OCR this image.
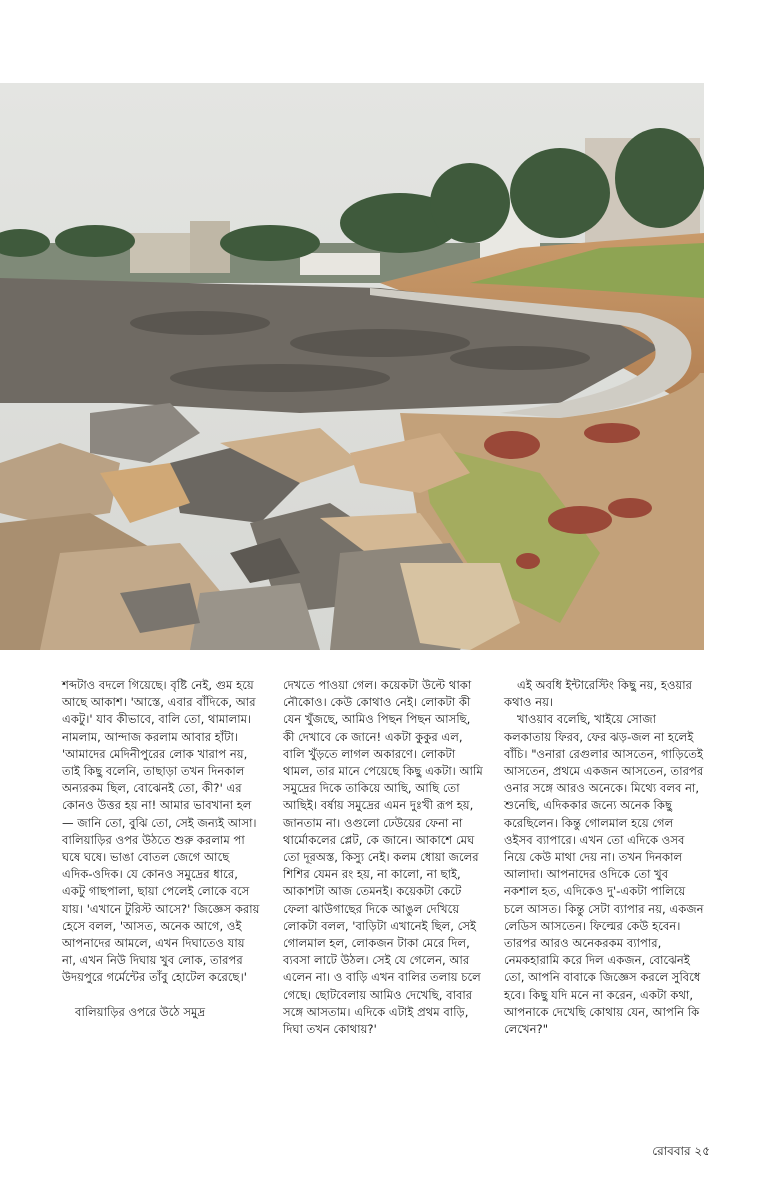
শব্দটাও বদলে গিয়েছে। বৃষ্টি নেই, গুম হয়ে আছে আকাশ। 'আস্তে, এবার বাঁদিকে, আর একটু।' যাব কীভাবে, বালি তো, থামালাম। নামলাম, আন্দাজ করলাম আবার হাঁটা। 'আমাদের মেদিনীপুরের লোক খারাপ নয়, তাই কিছু বলেনি, তাছাড়া তখন দিনকাল অন্যরকম ছিল, বোঝেনই তো, কী?' এর কোনও উত্তর হয় না! আমার ভাবখানা হল— জানি তো, বুঝি তো, সেই জন্যই আসা। বালিয়াড়ির ওপর উঠতে শুরু করলাম পা ঘষে ঘষে। ভাঙা বোতল জেগে আছে এদিক-ওদিক। যে কোনও সমুদ্রের ধারে, একটু গাছপালা, ছায়া পেলেই লোকে বসে যায়। 'এখানে টুরিস্ট আসে?' জিজ্ঞেস করায় হেসে বলল, 'আসত, অনেক আগে, ওই আপনাদের আমলে, এখন দিঘাতেও যায় না, এখন নিউ দিঘায় খুব লোক, তারপর উদয়পুরে গর্মেন্টের তাঁবু হোটেল করেছে।'

বালিয়াড়ির ওপরে উঠে সমুদ্র

দেখতে পাওয়া গেল। কয়েকটা উল্টে থাকা নৌকোও। কেউ কোথাও নেই। লোকটা কী যেন খুঁজছে, আমিও পিছন পিছন আসছি, কী দেখাবে কে জানে! একটা কুকুর এল, বালি খুঁড়তে লাগল অকারণে। লোকটা থামল, তার মানে পেয়েছে কিছু একটা। আমি সমুদ্রের দিকে তাকিয়ে আছি, আছি তো আছিই। বর্ষায় সমুদ্রের এমন দুঃখী রূপ হয়, জানতাম না। ওগুলো ঢেউয়ের ফেনা না থার্মোকলের প্লেট, কে জানে। আকাশে মেঘ তো দূরঅস্ত, কিস্যু নেই। কলম ধোয়া জলের শিশির যেমন রং হয়, না কালো, না ছাই, আকাশটা আজ তেমনই। কয়েকটা কেটে ফেলা ঝাউগাছের দিকে আঙুল দেখিয়ে লোকটা বলল, 'বাড়িটা এখানেই ছিল, সেই গোলমাল হল, লোকজন টাকা মেরে দিল, ব্যবসা লাটে উঠল। সেই যে গেলেন, আর এলেন না। ও বাড়ি এখন বালির তলায় চলে গেছে। ছোটবেলায় আমিও দেখেছি, বাবার সঙ্গে আসতাম। এদিকে এটাই প্রথম বাড়ি, দিঘা তখন কোথায়?'

এই অবধি ইন্টারেস্টিং কিছু নয়, হওয়ার কথাও নয়।

খাওয়াব বলেছি, খাইয়ে সোজা কলকাতায় ফিরব, ফের ঝড়-জল না হলেই বাঁচি। "ওনারা রেগুলার আসতেন, গাড়িতেই আসতেন, প্রথমে একজন আসতেন, তারপর ওনার সঙ্গে আরও অনেকে। মিথ্যে বলব না, শুনেছি, এদিককার জন্যে অনেক কিছু করেছিলেন। কিন্তু গোলমাল হয়ে গেল ওইসব ব্যাপারে। এখন তো এদিকে ওসব নিয়ে কেউ মাথা দেয় না। তখন দিনকাল আলাদা। আপনাদের ওদিকে তো খুব নকশাল হত, এদিকেও দু'-একটা পালিয়ে চলে আসত। কিন্তু সেটা ব্যাপার নয়, একজন লেডিস আসতেন। ফিল্মের কেউ হবেন। তারপর আরও অনেকরকম ব্যাপার, নেমকহারামি করে দিল একজন, বোঝেনই তো, আপনি বাবাকে জিজ্ঞেস করলে সুবিধে হবে। কিছু যদি মনে না করেন, একটা কথা, আপনাকে দেখেছি কোথায় যেন, আপনি কি লেখেন?"

রোববার ২৫
